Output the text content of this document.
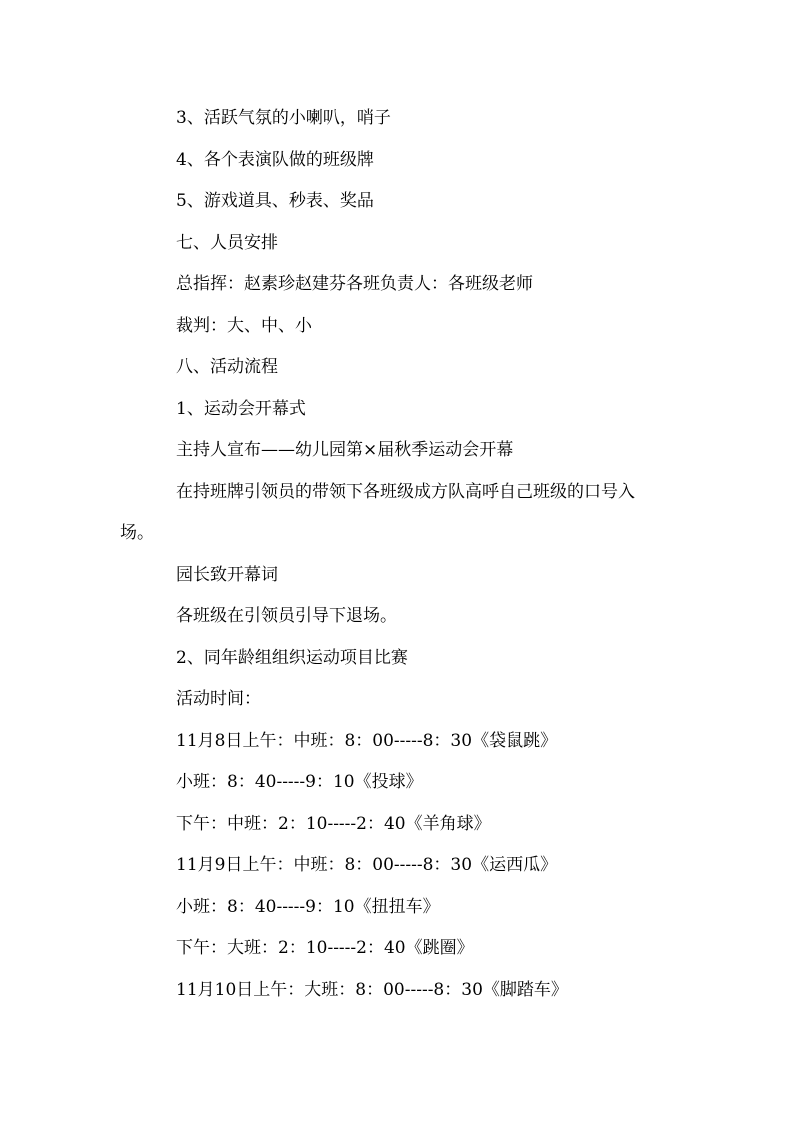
3、活跃气氛的小喇叭，哨子
4、各个表演队做的班级牌
5、游戏道具、秒表、奖品
七、人员安排
总指挥：赵素珍赵建芬各班负责人：各班级老师
裁判：大、中、小
八、活动流程
1、运动会开幕式
主持人宣布——幼儿园第×届秋季运动会开幕
在持班牌引领员的带领下各班级成方队高呼自己班级的口号入
场。
园长致开幕词
各班级在引领员引导下退场。
2、同年龄组组织运动项目比赛
活动时间：
11月8日上午：中班：8：00-----8：30《袋鼠跳》
小班：8：40-----9：10《投球》
下午：中班：2：10-----2：40《羊角球》
11月9日上午：中班：8：00-----8：30《运西瓜》
小班：8：40-----9：10《扭扭车》
下午：大班：2：10-----2：40《跳圈》
11月10日上午：大班：8：00-----8：30《脚踏车》
